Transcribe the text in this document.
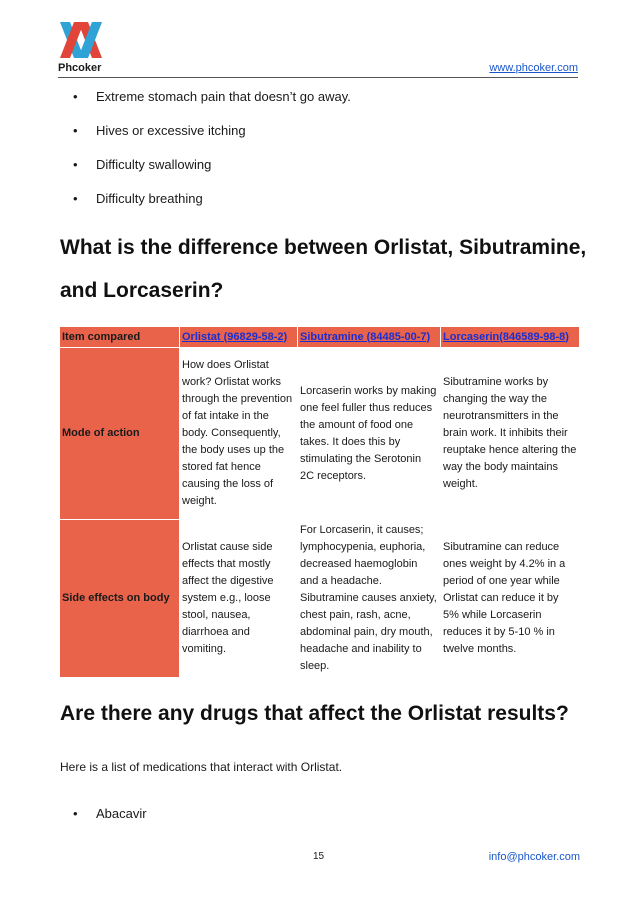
Phcoker	www.phcoker.com
• Extreme stomach pain that doesn’t go away.
• Hives or excessive itching
• Difficulty swallowing
• Difficulty breathing
What is the difference between Orlistat, Sibutramine,
and Lorcaserin?
Item compared	Orlistat (96829-58-2)	Sibutramine (84485-00-7)	Lorcaserin(846589-98-8)
Mode of action	How does Orlistat work? Orlistat works through the prevention of fat intake in the body. Consequently, the body uses up the stored fat hence causing the loss of weight.	Lorcaserin works by making one feel fuller thus reduces the amount of food one takes. It does this by stimulating the Serotonin 2C receptors.	Sibutramine works by changing the way the neurotransmitters in the brain work. It inhibits their reuptake hence altering the way the body maintains weight.
Side effects on body	Orlistat cause side effects that mostly affect the digestive system e.g., loose stool, nausea, diarrhoea and vomiting.	For Lorcaserin, it causes; lymphocypenia, euphoria, decreased haemoglobin and a headache. Sibutramine causes anxiety, chest pain, rash, acne, abdominal pain, dry mouth, headache and inability to sleep.	Sibutramine can reduce ones weight by 4.2% in a period of one year while Orlistat can reduce it by 5% while Lorcaserin reduces it by 5-10 % in twelve months.
Are there any drugs that affect the Orlistat results?
Here is a list of medications that interact with Orlistat.
• Abacavir
15	info@phcoker.com
